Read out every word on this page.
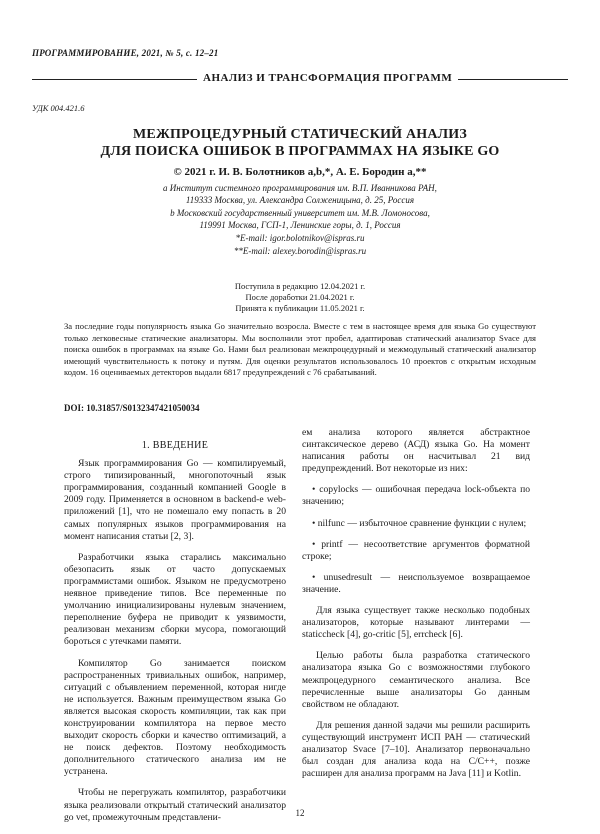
ПРОГРАММИРОВАНИЕ, 2021, № 5, с. 12–21
АНАЛИЗ И ТРАНСФОРМАЦИЯ ПРОГРАММ
УДК 004.421.6
МЕЖПРОЦЕДУРНЫЙ СТАТИЧЕСКИЙ АНАЛИЗ
ДЛЯ ПОИСКА ОШИБОК В ПРОГРАММАХ НА ЯЗЫКЕ GO
© 2021 г. И. В. Болотников a,b,*, А. Е. Бородин a,**
a Институт системного программирования им. В.П. Иванникова РАН,
119333 Москва, ул. Александра Солженицына, д. 25, Россия
b Московский государственный университет им. М.В. Ломоносова,
119991 Москва, ГСП-1, Ленинские горы, д. 1, Россия
*E-mail: igor.bolotnikov@ispras.ru
**E-mail: alexey.borodin@ispras.ru
Поступила в редакцию 12.04.2021 г.
После доработки 21.04.2021 г.
Принята к публикации 11.05.2021 г.
За последние годы популярность языка Go значительно возросла. Вместе с тем в настоящее время для языка Go существуют только легковесные статические анализаторы. Мы восполнили этот пробел, адаптировав статический анализатор Svace для поиска ошибок в программах на языке Go. Нами был реализован межпроцедурный и межмодульный статический анализатор имеющий чувствительность к потоку и путям. Для оценки результатов использовалось 10 проектов с открытым исходным кодом. 16 оцениваемых детекторов выдали 6817 предупреждений с 76 срабатываний.
DOI: 10.31857/S0132347421050034
1. ВВЕДЕНИЕ

Язык программирования Go — компилируемый, строго типизированный, многопоточный язык программирования, созданный компанией Google в 2009 году. Применяется в основном в backend-е web-приложений [1], что не помешало ему попасть в 20 самых популярных языков программирования на момент написания статьи [2, 3].

Разработчики языка старались максимально обезопасить язык от часто допускаемых программистами ошибок. Языком не предусмотрено неявное приведение типов. Все переменные по умолчанию инициализированы нулевым значением, переполнение буфера не приводит к уязвимости, реализован механизм сборки мусора, помогающий бороться с утечками памяти.

Компилятор Go занимается поиском распространенных тривиальных ошибок, например, ситуаций с объявлением переменной, которая нигде не используется. Важным преимуществом языка Go является высокая скорость компиляции, так как при конструировании компилятора на первое место выходит скорость сборки и качество оптимизаций, а не поиск дефектов. Поэтому необходимость дополнительного статического анализа им не устранена.

Чтобы не перегружать компилятор, разработчики языка реализовали открытый статический анализатор go vet, промежуточным представлени-

ем анализа которого является абстрактное синтаксическое дерево (АСД) языка Go. На момент написания работы он насчитывал 21 вид предупреждений. Вот некоторые из них:

• copylocks — ошибочная передача lock-объекта по значению;

• nilfunc — избыточное сравнение функции с нулем;

• printf — несоответствие аргументов форматной строке;

• unusedresult — неиспользуемое возвращаемое значение.

Для языка существует также несколько подобных анализаторов, которые называют линтерами — staticcheck [4], go-critic [5], errcheck [6].

Целью работы была разработка статического анализатора языка Go с возможностями глубокого межпроцедурного семантического анализа. Все перечисленные выше анализаторы Go данным свойством не обладают.

Для решения данной задачи мы решили расширить существующий инструмент ИСП РАН — статический анализатор Svace [7–10]. Анализатор первоначально был создан для анализа кода на C/C++, позже расширен для анализа программ на Java [11] и Kotlin.

12
